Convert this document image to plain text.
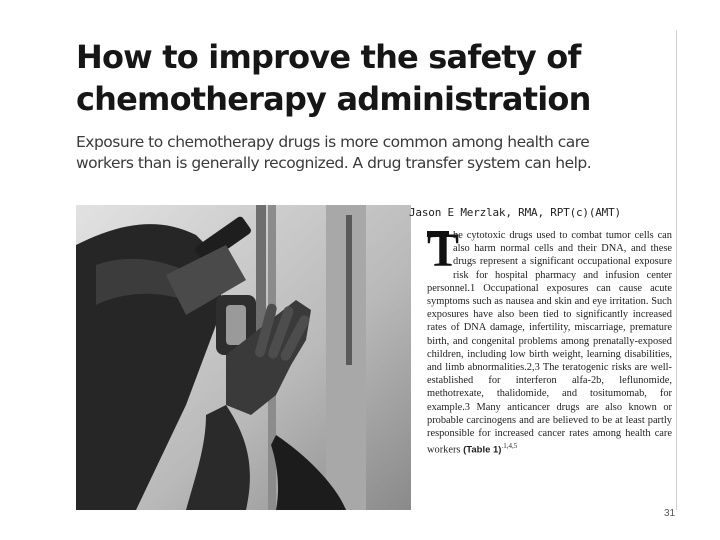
How to improve the safety of
chemotherapy administration

Exposure to chemotherapy drugs is more common among health care
workers than is generally recognized. A drug transfer system can help.

Jason E Merzlak, RMA, RPT(c)(AMT)
T
he cytotoxic drugs used to combat tumor cells can also harm normal cells and their DNA, and these drugs represent a significant occupational exposure risk for hospital pharmacy and infusion center personnel.1 Occupational exposures can cause acute symptoms such as nausea and skin and eye irritation. Such exposures have also been tied to significantly increased rates of DNA damage, infertility, miscarriage, premature birth, and congenital problems among prenatally-exposed children, including low birth weight, learning disabilities, and limb abnormalities.2,3 The teratogenic risks are well-established for interferon alfa-2b, leflunomide, methotrexate, thalidomide, and tositumomab, for example.3 Many anticancer drugs are also known or probable carcinogens and are believed to be at least partly responsible for increased cancer rates among health care workers (Table 1)$^{.1,4,5}$
31
